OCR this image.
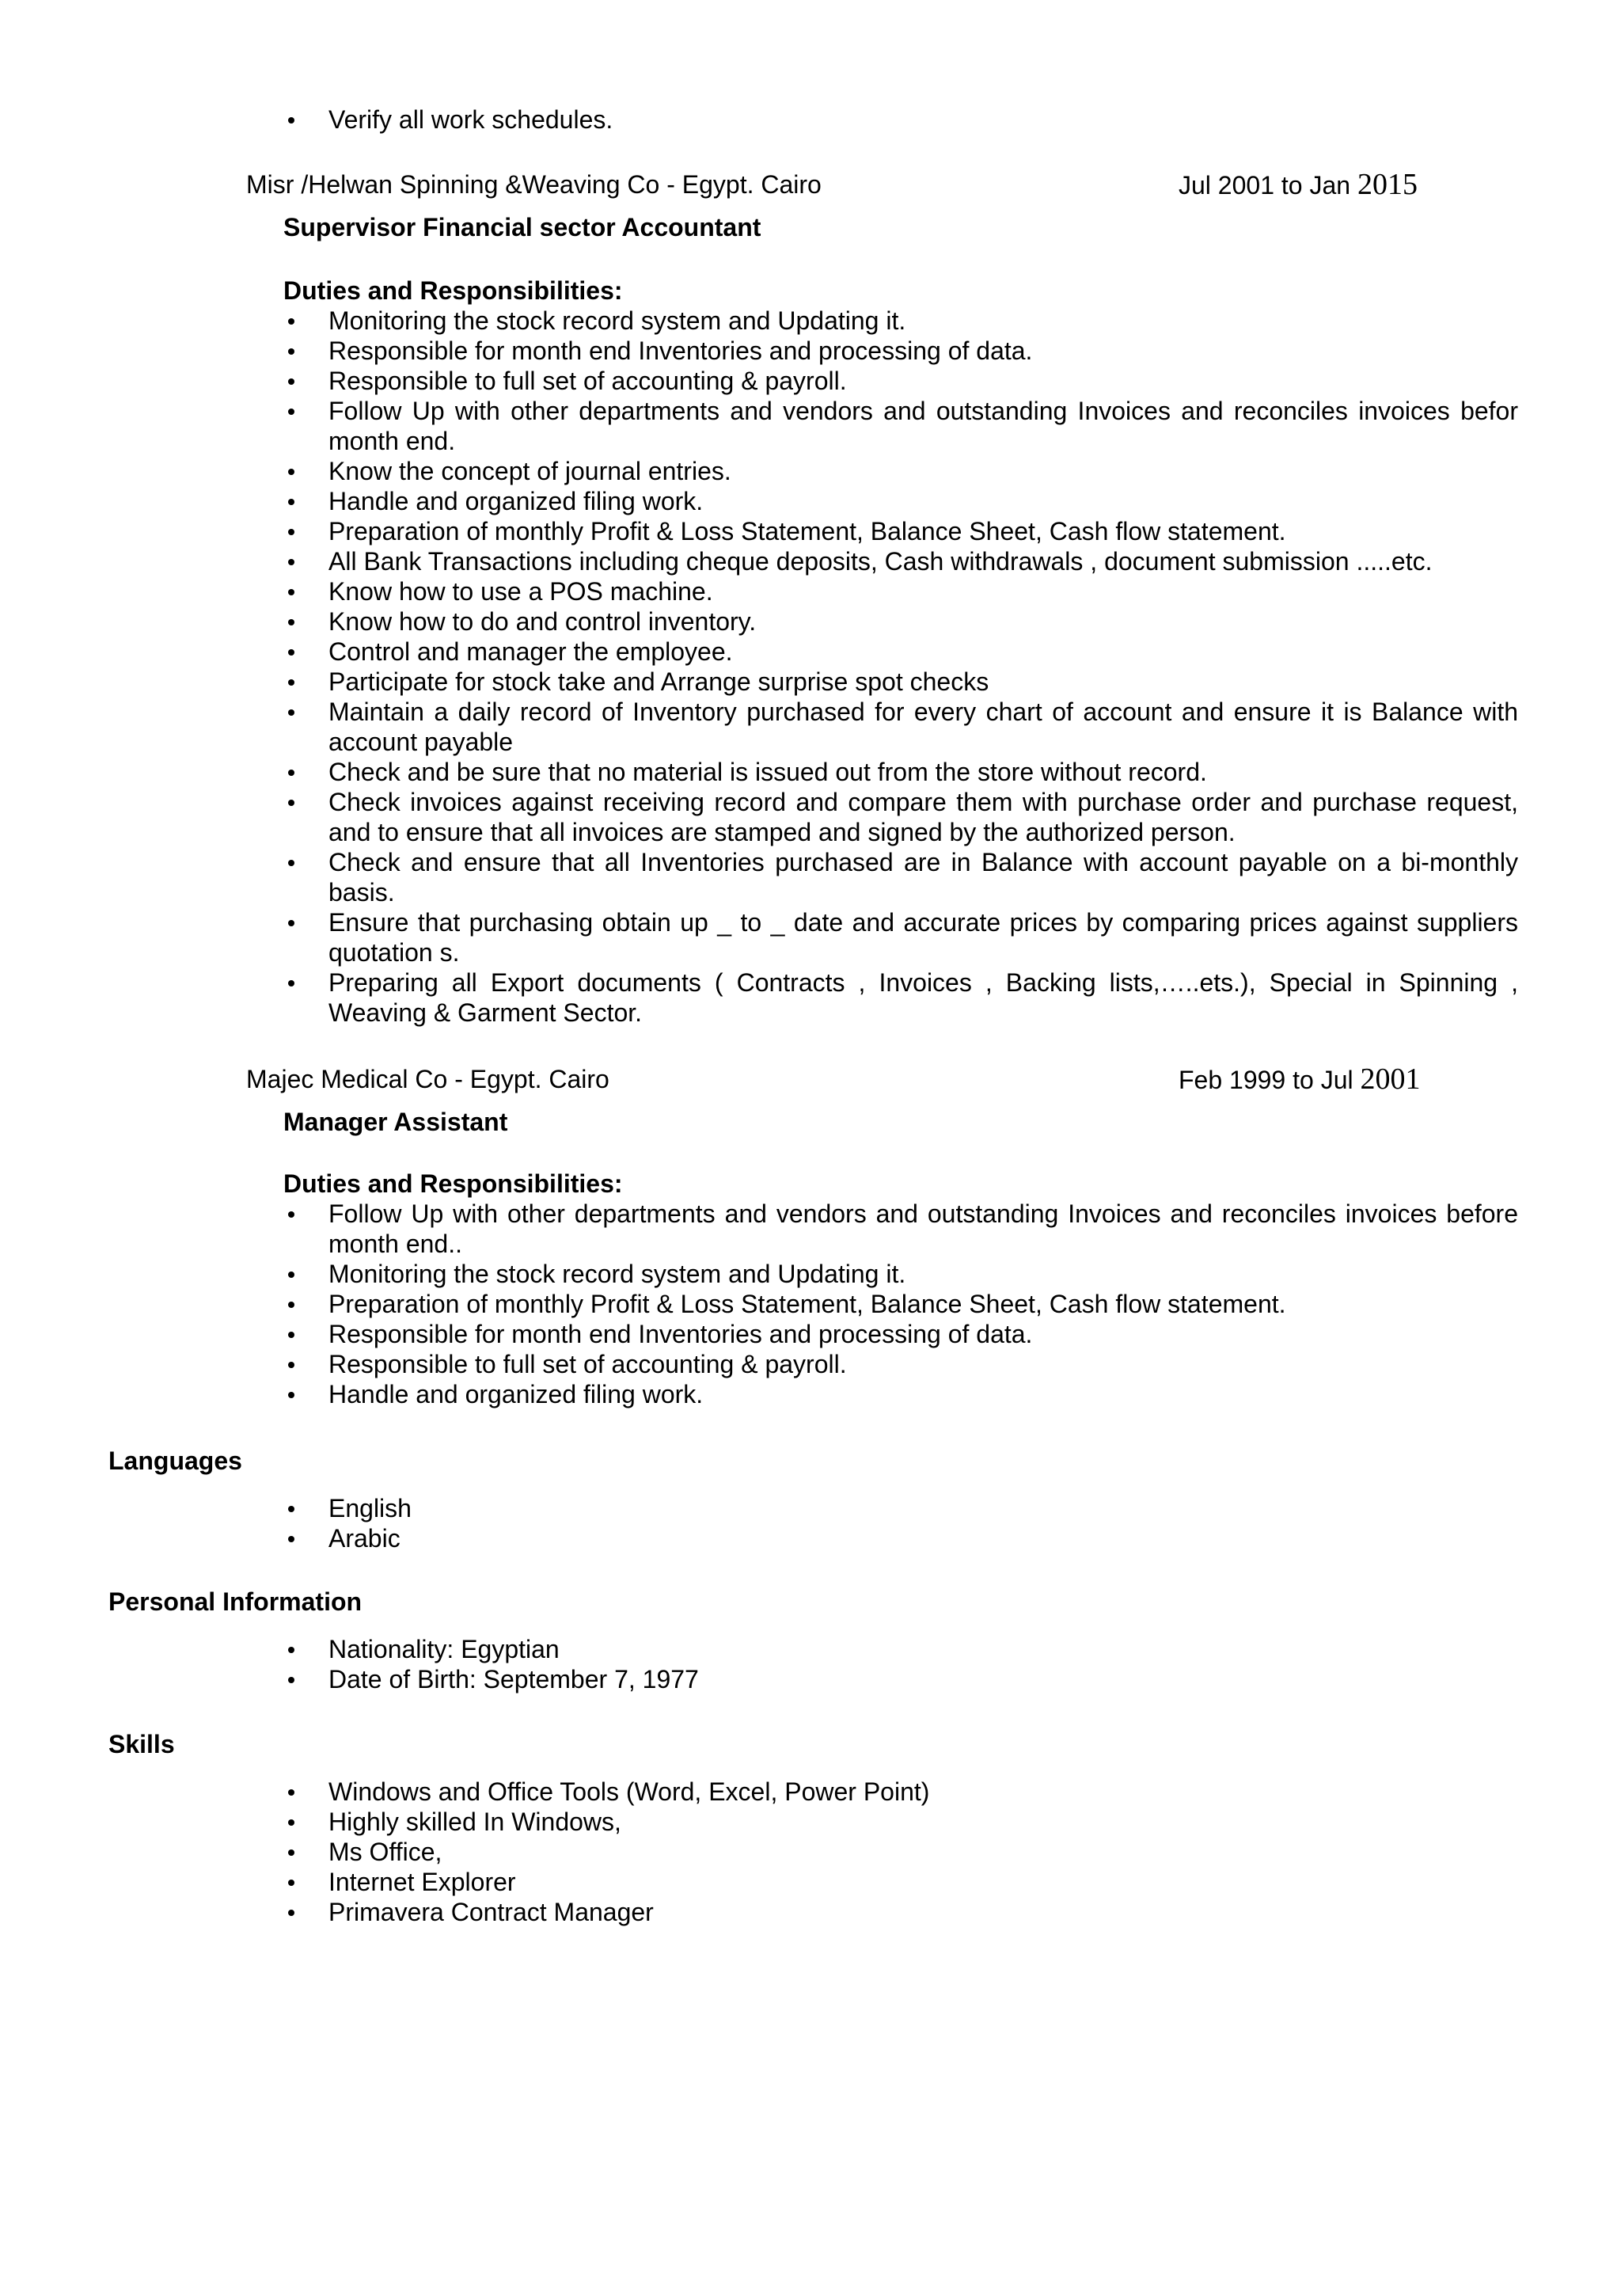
Verify all work schedules.
Misr /Helwan Spinning &Weaving Co - Egypt. Cairo	Jul 2001 to Jan 2015
Supervisor Financial sector Accountant

Duties and Responsibilities:

Monitoring the stock record system and Updating it.
Responsible for month end Inventories and processing of data.
Responsible to full set of accounting & payroll.
Follow Up with other departments and vendors and outstanding Invoices and reconciles invoices befor month end.
Know the concept of journal entries.
Handle and organized filing work.
Preparation of monthly Profit & Loss Statement, Balance Sheet, Cash flow statement.
All Bank Transactions including cheque deposits, Cash withdrawals , document submission .....etc.
Know how to use a POS machine.
Know how to do and control inventory.
Control and manager the employee.
Participate for stock take and Arrange surprise spot checks
Maintain a daily record of Inventory purchased for every chart of account and ensure it is Balance with account payable
Check and be sure that no material is issued out from the store without record.
Check invoices against receiving record and compare them with purchase order and purchase request, and to ensure that all invoices are stamped and signed by the authorized person.
Check and ensure that all Inventories purchased are in Balance with account payable on a bi-monthly basis.
Ensure that purchasing obtain up _ to _ date and accurate prices by comparing prices against suppliers quotation s.
Preparing all Export documents ( Contracts , Invoices , Backing lists,…..ets.), Special in Spinning , Weaving & Garment Sector.
Majec Medical Co - Egypt. Cairo	Feb 1999 to Jul 2001
Manager Assistant

Duties and Responsibilities:

Follow Up with other departments and vendors and outstanding Invoices and reconciles invoices before month end..
Monitoring the stock record system and Updating it.
Preparation of monthly Profit & Loss Statement, Balance Sheet, Cash flow statement.
Responsible for month end Inventories and processing of data.
Responsible to full set of accounting & payroll.
Handle and organized filing work.
Languages
English
Arabic
Personal Information
Nationality: Egyptian
Date of Birth: September 7, 1977
Skills
Windows and Office Tools (Word, Excel, Power Point)
Highly skilled In Windows,
Ms Office,
Internet Explorer
Primavera Contract Manager
